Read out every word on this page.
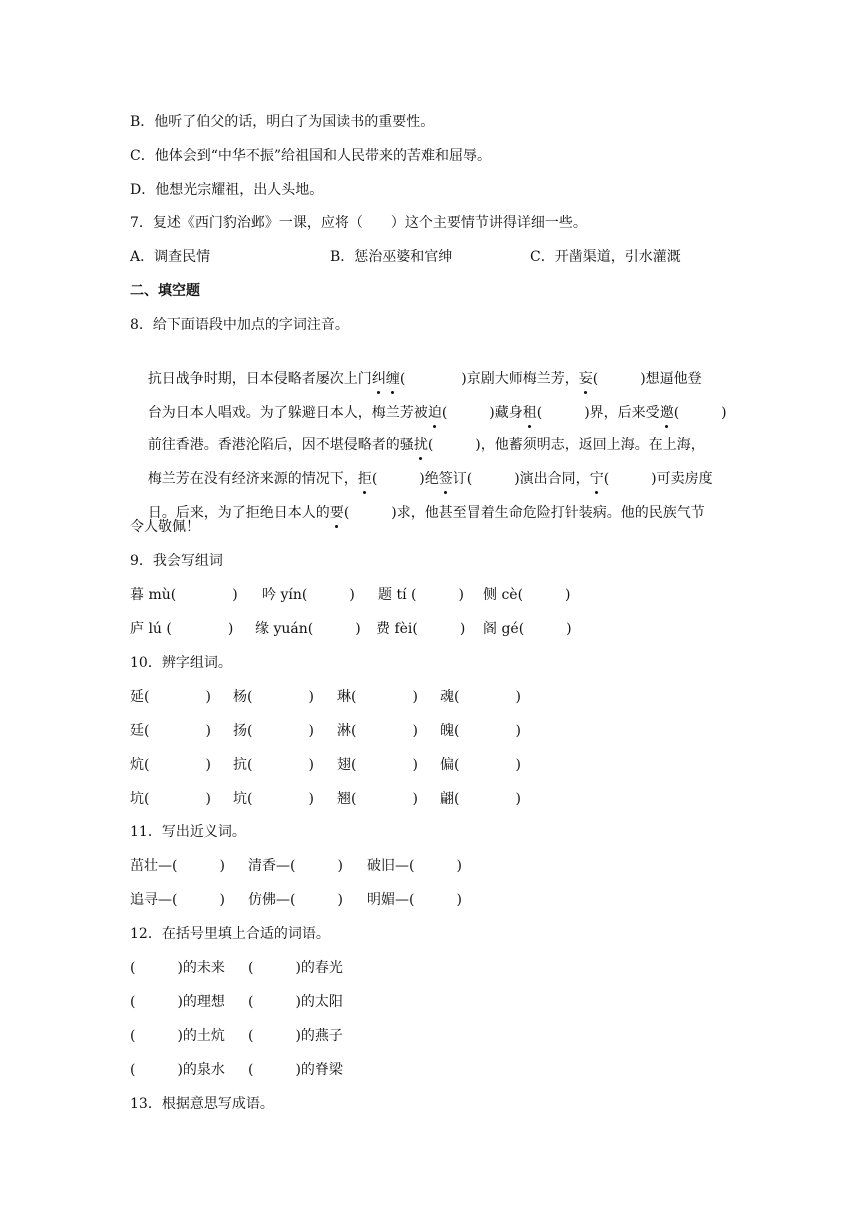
B．他听了伯父的话，明白了为国读书的重要性。
C．他体会到“中华不振”给祖国和人民带来的苦难和屈辱。
D．他想光宗耀祖，出人头地。
7．复述《西门豹治邺》一课，应将（　　）这个主要情节讲得详细一些。
A．调查民情	B．惩治巫婆和官绅	C．开凿渠道，引水灌溉
二、填空题
8．给下面语段中加点的字词注音。

抗日战争时期，日本侵略者屡次上门纠缠(　　　　)京剧大师梅兰芳，妄(　　　)想逼他登

台为日本人唱戏。为了躲避日本人，梅兰芳被迫(　　　)藏身租(　　　)界，后来受邀(　　　)

前往香港。香港沦陷后，因不堪侵略者的骚扰(　　　)，他蓄须明志，返回上海。在上海，

梅兰芳在没有经济来源的情况下，拒(　　　)绝签订(　　　)演出合同，宁(　　　)可卖房度

日。后来，为了拒绝日本人的要(　　　)求，他甚至冒着生命危险打针装病。他的民族气节

令人敬佩！
9．我会写组词
暮 mù(　　　　) 吟 yín(　　　) 题 tí (　　　) 侧 cè(　　　)
庐 lú (　　　　) 缘 yuán(　　　) 费 fèi(　　　) 阁 gé(　　　)
10．辨字组词。
延(　　　　) 杨(　　　　) 琳(　　　　) 魂(　　　　)
廷(　　　　) 扬(　　　　) 淋(　　　　) 魄(　　　　)
炕(　　　　) 抗(　　　　) 翅(　　　　) 偏(　　　　)
坑(　　　　) 坑(　　　　) 翘(　　　　) 翩(　　　　)
11．写出近义词。
茁壮—(　　　) 清香—(　　　) 破旧—(　　　)
追寻—(　　　) 仿佛—(　　　) 明媚—(　　　)
12．在括号里填上合适的词语。
(　　　)的未来 (　　　)的春光
(　　　)的理想 (　　　)的太阳
(　　　)的土炕 (　　　)的燕子
(　　　)的泉水 (　　　)的脊梁
13．根据意思写成语。
